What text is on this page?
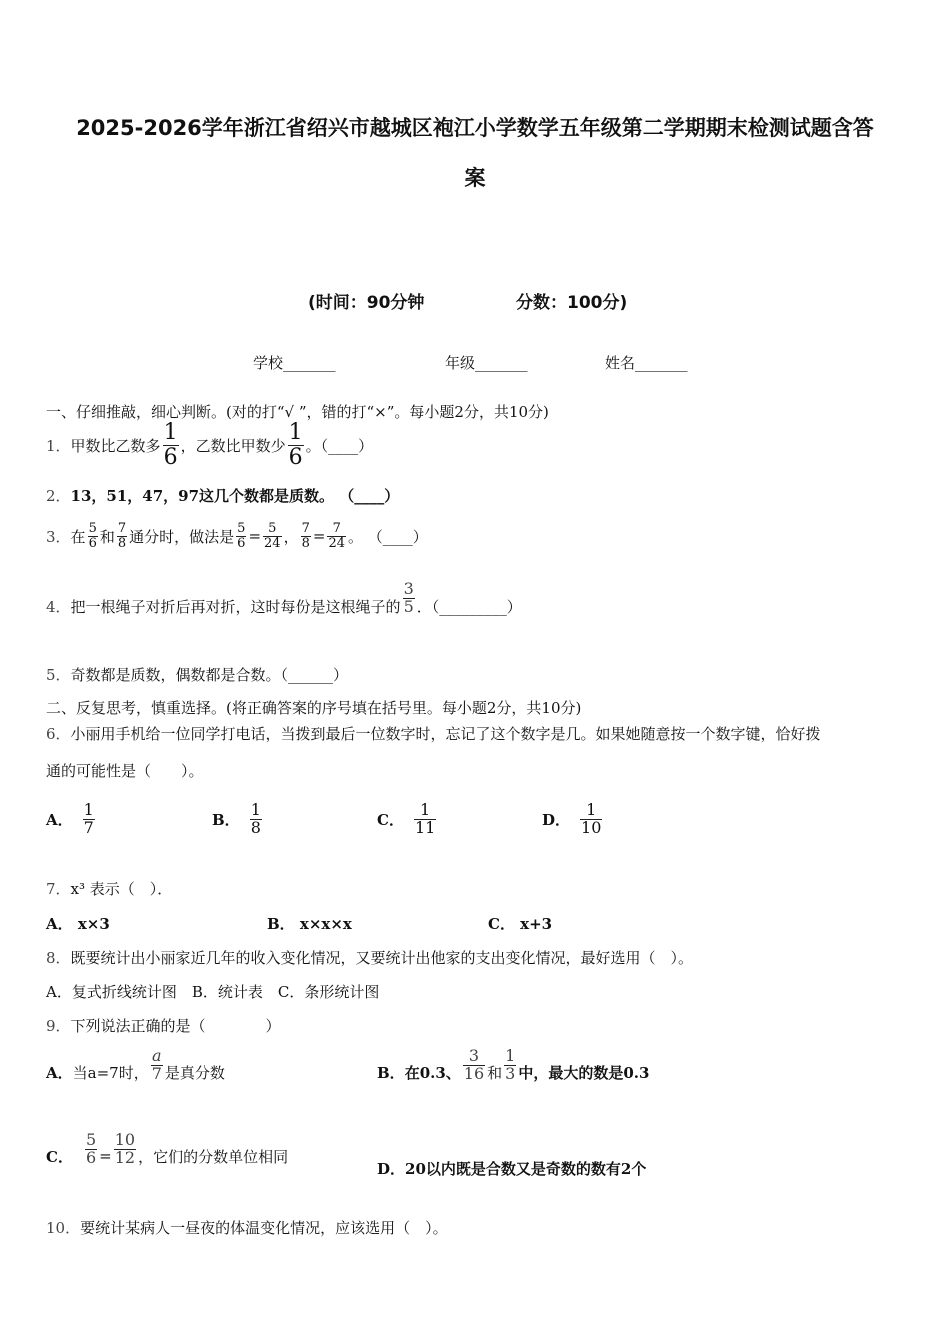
2025-2026学年浙江省绍兴市越城区袍江小学数学五年级第二学期期末检测试题含答
案
(时间：90分钟	分数：100分)
学校_______	年级_______	姓名_______
一、仔细推敲，细心判断。(对的打“√ ”，错的打“×”。每小题2分，共10分)
1． 甲数比乙数多 $\frac{1}{6}$ ，乙数比甲数少 $\frac{1}{6}$ 。（____）
2．13，51，47，97这几个数都是质数。 （____）
3． 在 $\frac{5}{6}$ 和 $\frac{7}{8}$ 通分时，做法是 $\frac{5}{6} = \frac{5}{24}$ ， $\frac{7}{8} = \frac{7}{24}$ 。 （____）
4． 把一根绳子对折后再对折，这时每份是这根绳子的 $\frac{3}{5}$ ．（_________）
5．奇数都是质数，偶数都是合数。（______）
二、反复思考，慎重选择。(将正确答案的序号填在括号里。每小题2分，共10分)
6．小丽用手机给一位同学打电话，当拨到最后一位数字时，忘记了这个数字是几。如果她随意按一个数字键，恰好拨
通的可能性是（　　）。
A． $\frac{1}{7}$	B． $\frac{1}{8}$	C． $\frac{1}{11}$	D． $\frac{1}{10}$
7．x³ 表示（　）．
A． x×3	B． x×x×x	C． x+3
8．既要统计出小丽家近几年的收入变化情况，又要统计出他家的支出变化情况，最好选用（　）。
A．复式折线统计图　B．统计表　C．条形统计图
9．下列说法正确的是（　　　　）
A． 当a=7时， $\frac{a}{7}$ 是真分数	B． 在0.3、 $\frac{3}{16}$ 和 $\frac{1}{3}$ 中，最大的数是0.3
C． $\frac{5}{6} = \frac{10}{12}$ ，它们的分数单位相同
D．20以内既是合数又是奇数的数有2个
10．要统计某病人一昼夜的体温变化情况，应该选用（　）。
